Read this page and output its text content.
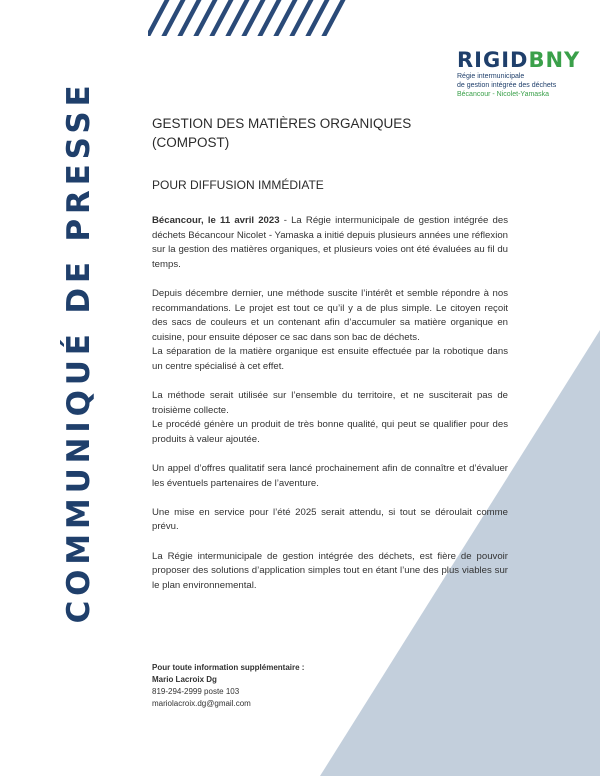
RIGIDBNY
Régie intermunicipale
de gestion intégrée des déchets
Bécancour - Nicolet-Yamaska
COMMUNIQUÉ DE PRESSE	GESTION DES MATIÈRES ORGANIQUES
(COMPOST)
POUR DIFFUSION IMMÉDIATE

Bécancour, le 11 avril 2023 - La Régie intermunicipale de gestion intégrée des déchets Bécancour Nicolet - Yamaska a initié depuis plusieurs années une réflexion sur la gestion des matières organiques, et plusieurs voies ont été évaluées au fil du temps.

Depuis décembre dernier, une méthode suscite l’intérêt et semble répondre à nos recommandations. Le projet est tout ce qu’il y a de plus simple. Le citoyen reçoit des sacs de couleurs et un contenant afin d’accumuler sa matière organique en cuisine, pour ensuite déposer ce sac dans son bac de déchets.

La séparation de la matière organique est ensuite effectuée par la robotique dans un centre spécialisé à cet effet.

La méthode serait utilisée sur l’ensemble du territoire, et ne susciterait pas de troisième collecte.

Le procédé génère un produit de très bonne qualité, qui peut se qualifier pour des produits à valeur ajoutée.

Un appel d’offres qualitatif sera lancé prochainement afin de connaître et d’évaluer les éventuels partenaires de l’aventure.

Une mise en service pour l’été 2025 serait attendu, si tout se déroulait comme prévu.

La Régie intermunicipale de gestion intégrée des déchets, est fière de pouvoir proposer des solutions d’application simples tout en étant l’une des plus viables sur le plan environnemental.

Pour toute information supplémentaire :
Mario Lacroix Dg
819-294-2999 poste 103
mariolacroix.dg@gmail.com
